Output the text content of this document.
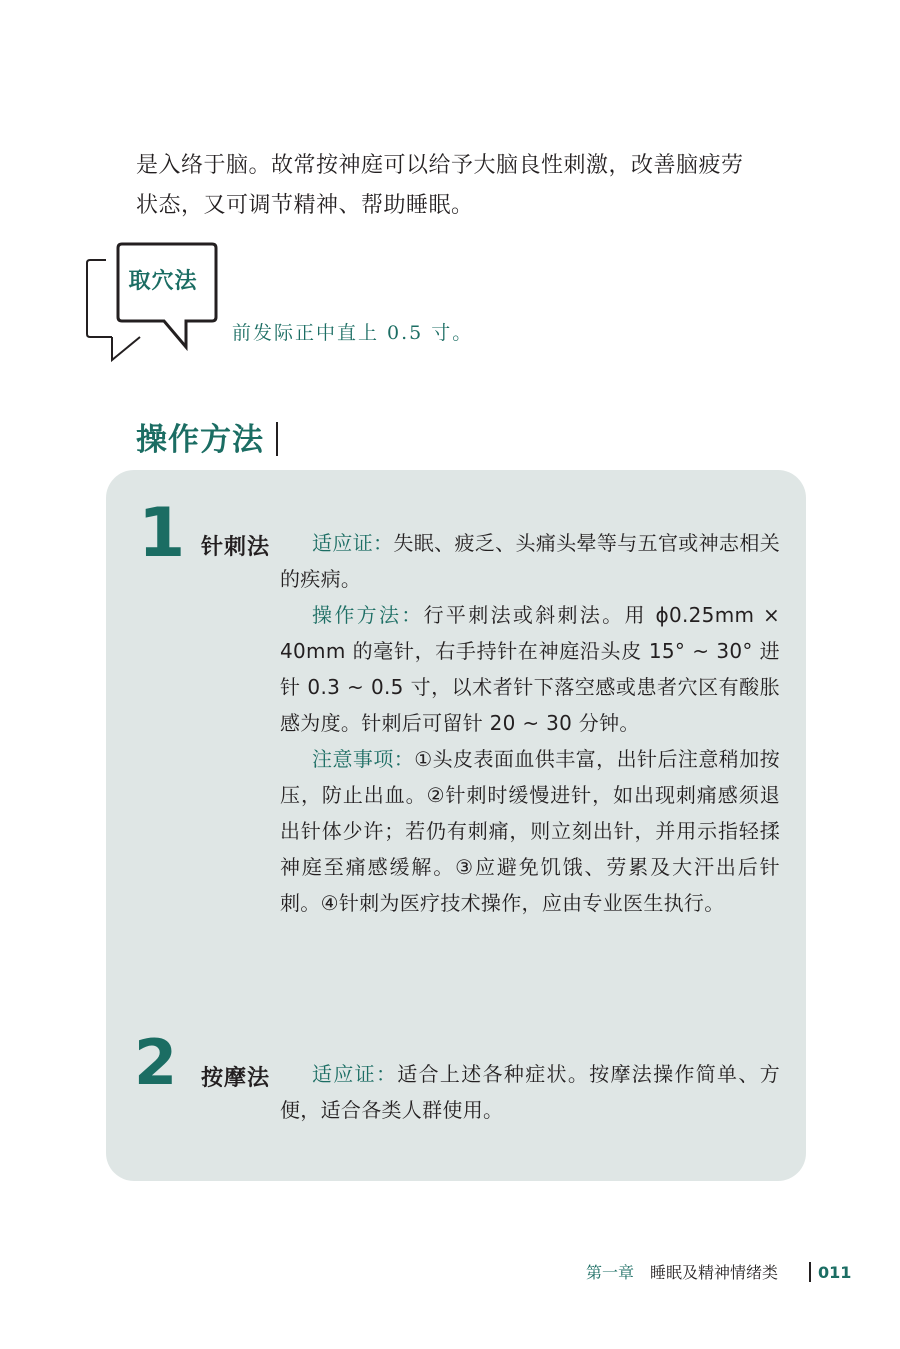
是入络于脑。故常按神庭可以给予大脑良性刺激，改善脑疲劳
状态，又可调节精神、帮助睡眠。
取穴法
前发际正中直上 0.5 寸。
操作方法
1 针刺法	适应证：失眠、疲乏、头痛头晕等与五官或神志相关的疾病。

操作方法：行平刺法或斜刺法。用 ϕ0.25mm × 40mm 的毫针，右手持针在神庭沿头皮 15° ~ 30° 进针 0.3 ~ 0.5 寸，以术者针下落空感或患者穴区有酸胀感为度。针刺后可留针 20 ~ 30 分钟。

注意事项：①头皮表面血供丰富，出针后注意稍加按压，防止出血。②针刺时缓慢进针，如出现刺痛感须退出针体少许；若仍有刺痛，则立刻出针，并用示指轻揉神庭至痛感缓解。③应避免饥饿、劳累及大汗出后针刺。④针刺为医疗技术操作，应由专业医生执行。

2 按摩法	适应证：适合上述各种症状。按摩法操作简单、方便，适合各类人群使用。

第一章 睡眠及精神情绪类 011
